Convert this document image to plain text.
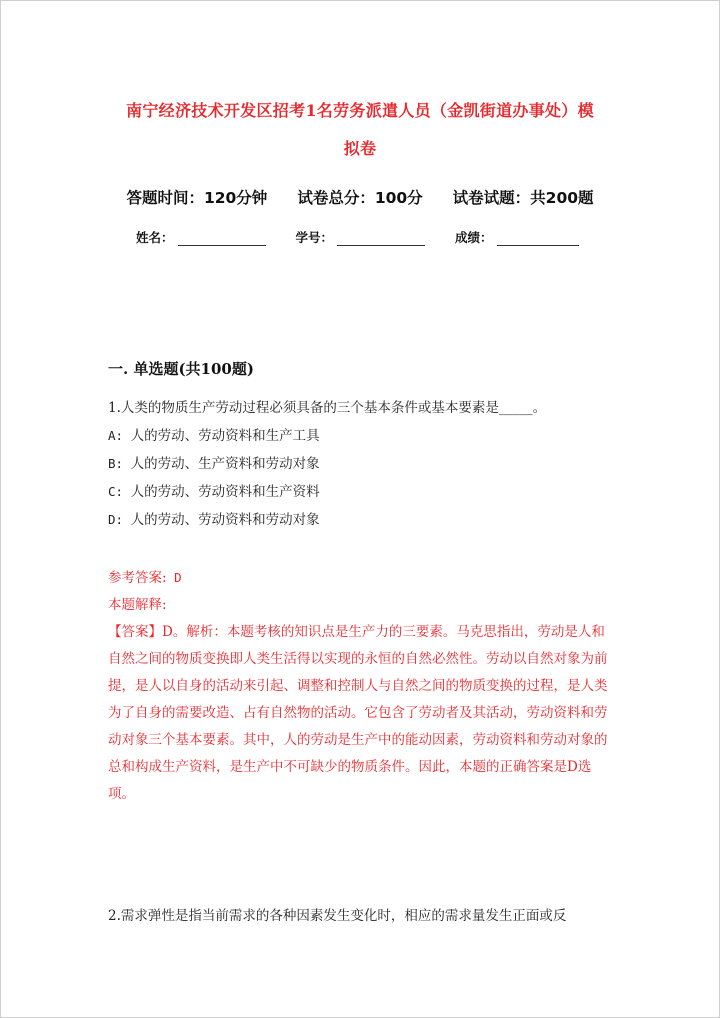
南宁经济技术开发区招考1名劳务派遣人员（金凯街道办事处）模
拟卷
答题时间：120分钟 试卷总分：100分 试卷试题：共200题
姓名：	学号：	成绩：
一. 单选题(共100题)
1.人类的物质生产劳动过程必须具备的三个基本条件或基本要素是_____。
A: 人的劳动、劳动资料和生产工具
B: 人的劳动、生产资料和劳动对象
C: 人的劳动、劳动资料和生产资料
D: 人的劳动、劳动资料和劳动对象
参考答案: D
本题解释:
【答案】D。解析：本题考核的知识点是生产力的三要素。马克思指出，劳动是人和自然之间的物质变换即人类生活得以实现的永恒的自然必然性。劳动以自然对象为前提，是人以自身的活动来引起、调整和控制人与自然之间的物质变换的过程，是人类为了自身的需要改造、占有自然物的活动。它包含了劳动者及其活动，劳动资料和劳动对象三个基本要素。其中，人的劳动是生产中的能动因素，劳动资料和劳动对象的总和构成生产资料，是生产中不可缺少的物质条件。因此，本题的正确答案是D选项。
2.需求弹性是指当前需求的各种因素发生变化时，相应的需求量发生正面或反
